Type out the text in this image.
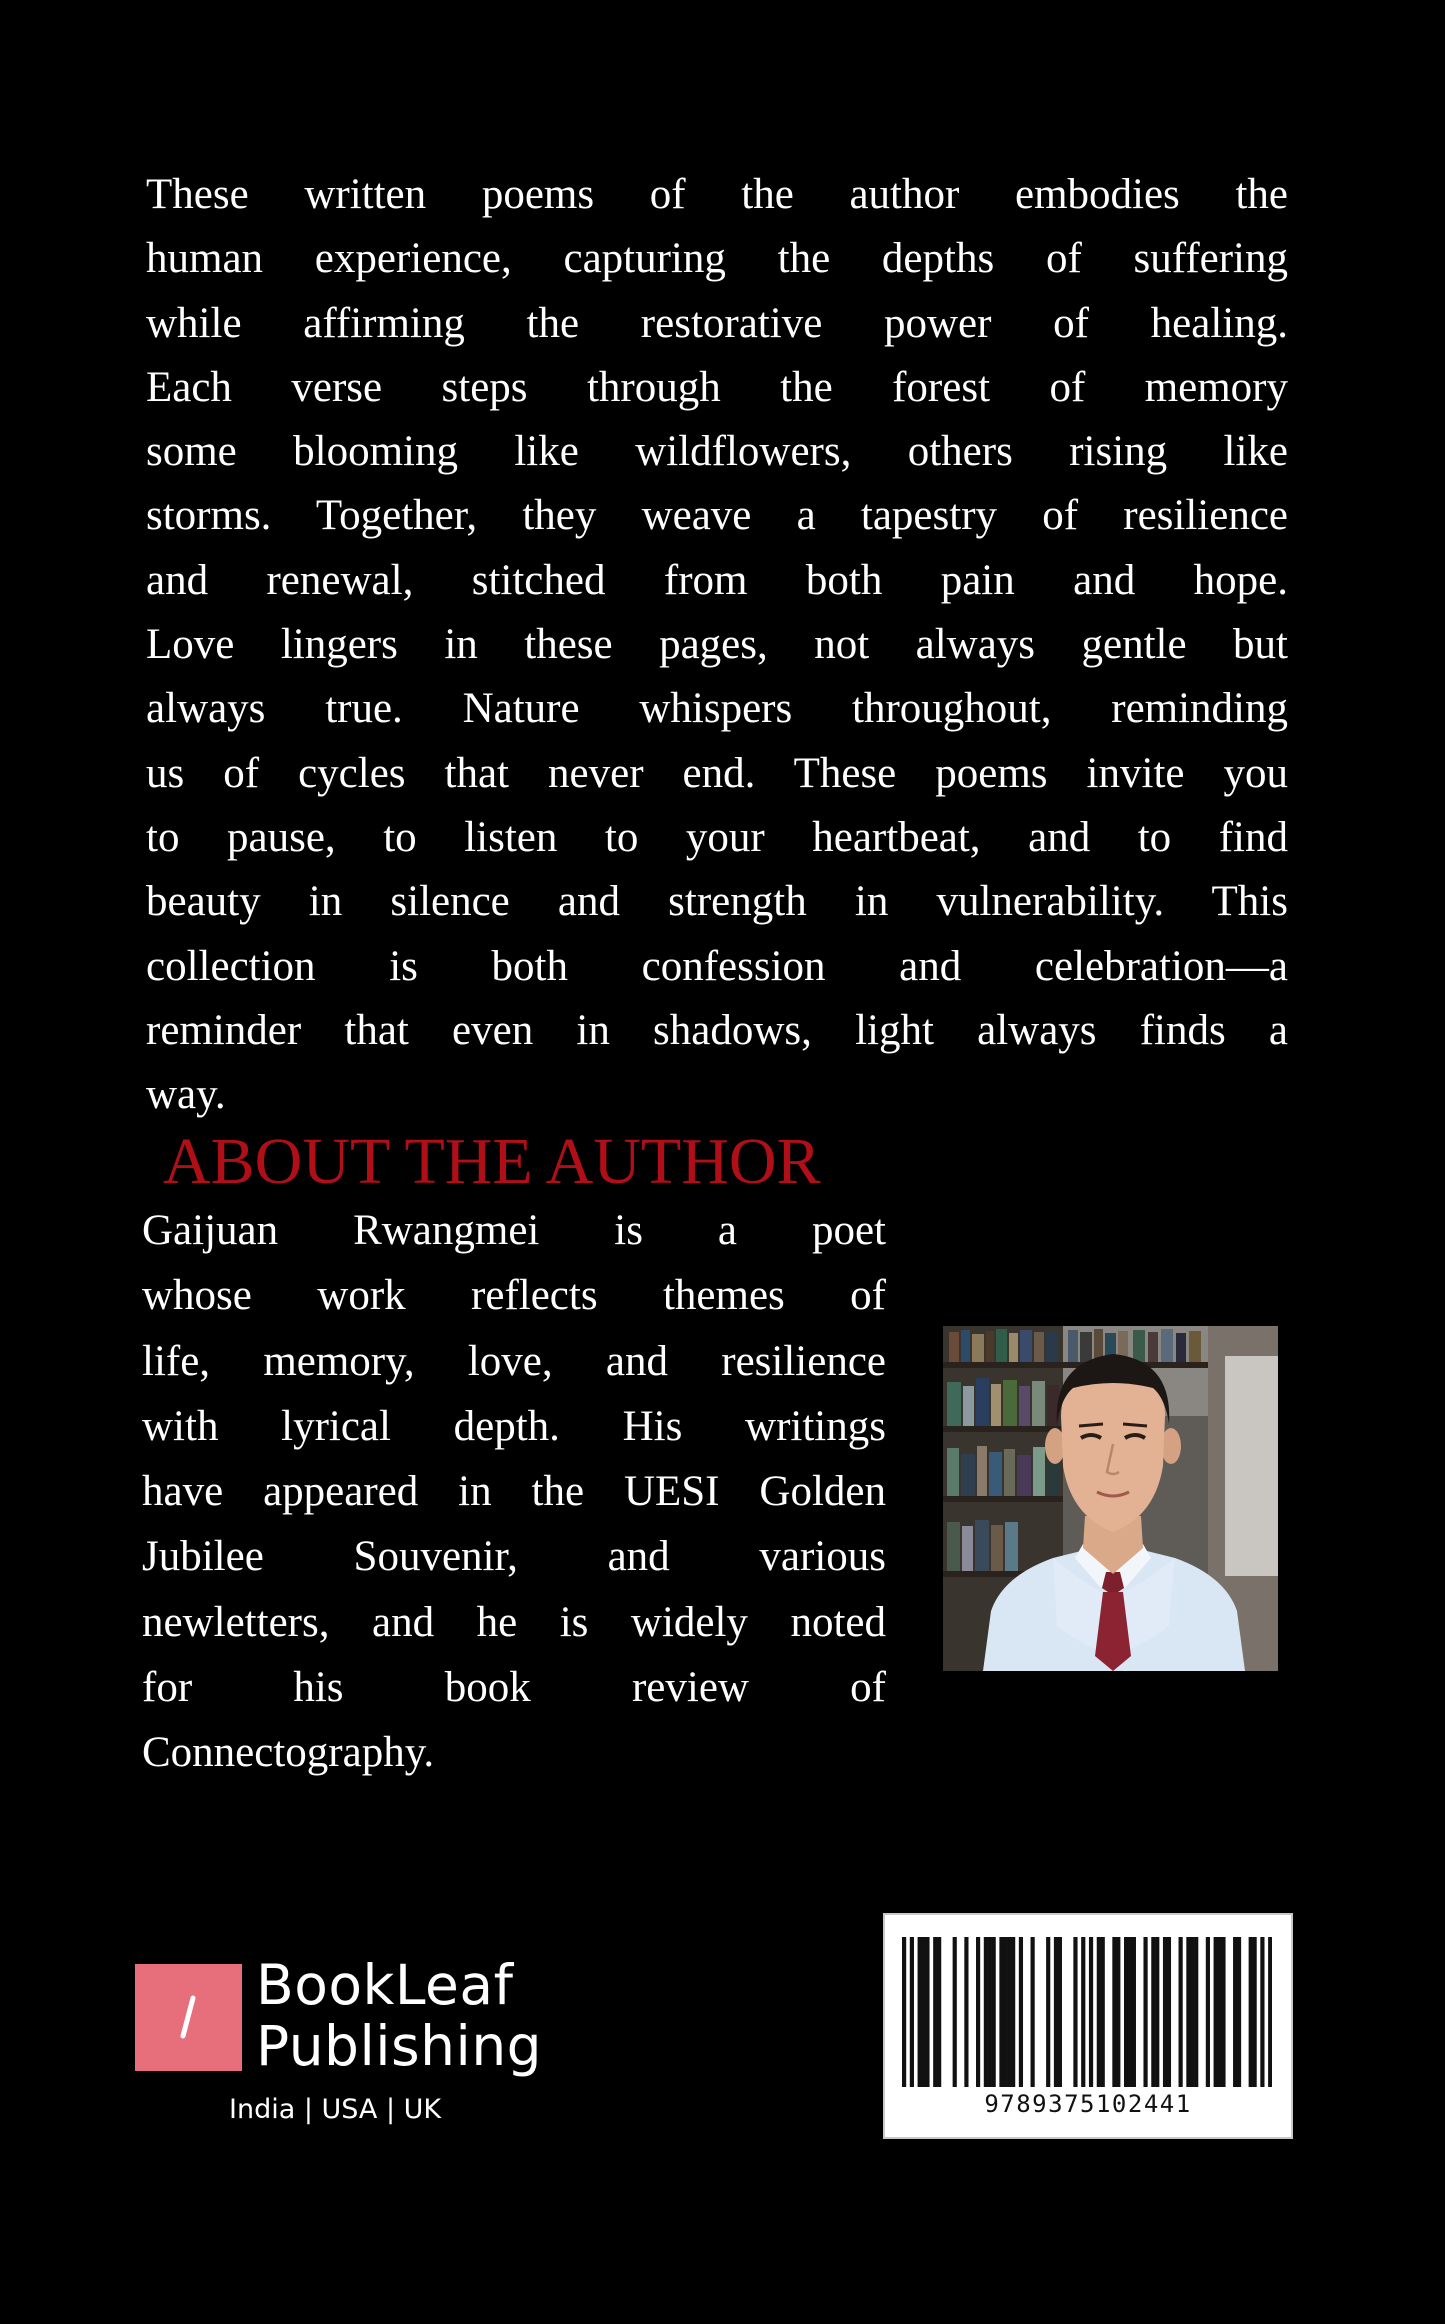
These written poems of the author embodies the
human experience, capturing the depths of suffering
while affirming the restorative power of healing.
Each verse steps through the forest of memory
some blooming like wildflowers, others rising like
storms. Together, they weave a tapestry of resilience
and renewal, stitched from both pain and hope.
Love lingers in these pages, not always gentle but
always true. Nature whispers throughout, reminding
us of cycles that never end. These poems invite you
to pause, to listen to your heartbeat, and to find
beauty in silence and strength in vulnerability. This
collection is both confession and celebration—a
reminder that even in shadows, light always finds a
way.
ABOUT THE AUTHOR
Gaijuan Rwangmei is a poet
whose work reflects themes of
life, memory, love, and resilience
with lyrical depth. His writings
have appeared in the UESI Golden
Jubilee Souvenir, and various
newletters, and he is widely noted
for his book review of
Connectography.
BookLeaf
Publishing
India | USA | UK	9789375102441
